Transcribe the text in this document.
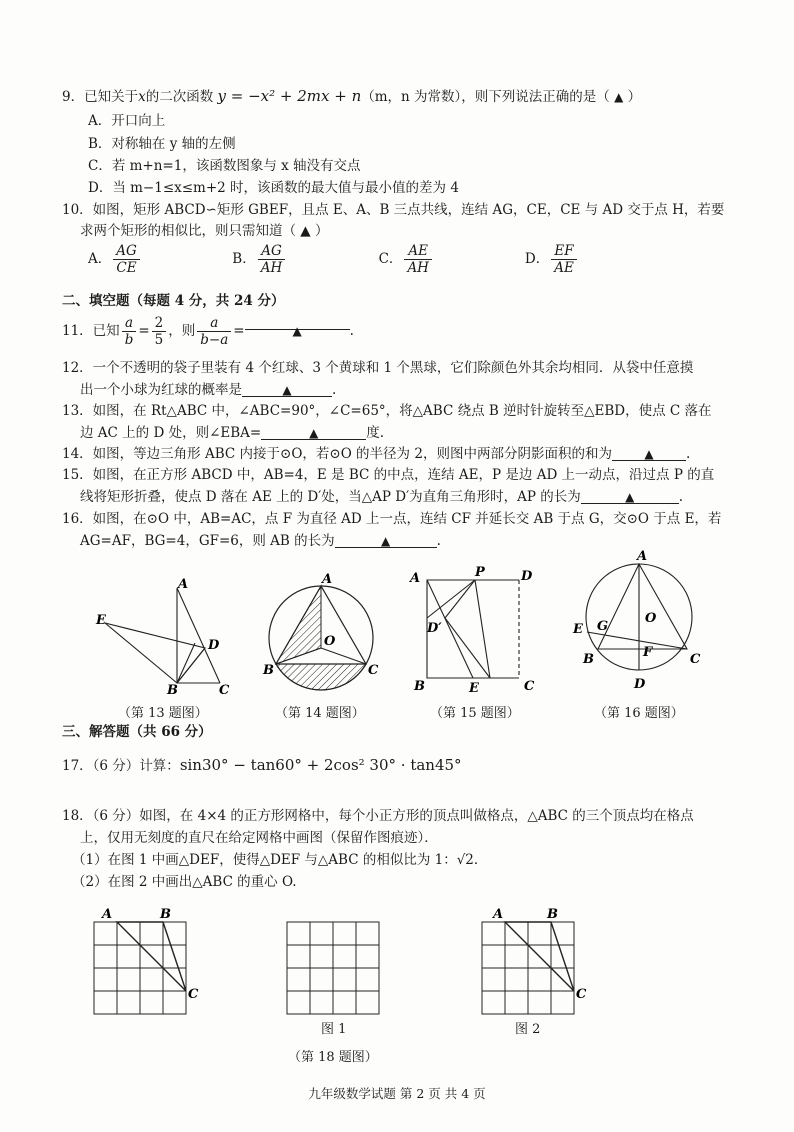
9．已知关于x的二次函数 y = −x² + 2mx + n（m，n 为常数），则下列说法正确的是（ ▲ ）
A．开口向上
B．对称轴在 y 轴的左侧
C．若 m+n=1，该函数图象与 x 轴没有交点
D．当 m−1≤x≤m+2 时，该函数的最大值与最小值的差为 4
10．如图，矩形 ABCD∽矩形 GBEF，且点 E、A、B 三点共线，连结 AG，CE，CE 与 AD 交于点 H，若要
求两个矩形的相似比，则只需知道（ ▲ ）
A． $\frac{AG}{CE}$	B． $\frac{AG}{AH}$	C． $\frac{AE}{AH}$	D． $\frac{EF}{AE}$
二、填空题（每题 4 分，共 24 分）
11．已知 $\frac{a}{b} = \frac{2}{5}$ ，则 $\frac{a}{b-a}$ =	▲	.
12．一个不透明的袋子里装有 4 个红球、3 个黄球和 1 个黑球，它们除颜色外其余均相同．从袋中任意摸
出一个小球为红球的概率是	▲	.
13．如图，在 Rt△ABC 中，∠ABC=90°，∠C=65°，将△ABC 绕点 B 逆时针旋转至△EBD，使点 C 落在
边 AC 上的 D 处，则∠EBA=	▲	度.
14．如图，等边三角形 ABC 内接于⊙O，若⊙O 的半径为 2，则图中两部分阴影面积的和为	▲ .
15．如图，在正方形 ABCD 中，AB=4，E 是 BC 的中点，连结 AE，P 是边 AD 上一动点，沿过点 P 的直
线将矩形折叠，使点 D 落在 AE 上的 D′处，当△AP D′为直角三角形时，AP 的长为	▲	.
16．如图，在⊙O 中，AB=AC，点 F 为直径 AD 上一点，连结 CF 并延长交 AB 于点 G，交⊙O 于点 E，若
AG=AF，BG=4，GF=6，则 AB 的长为	▲	.
A
E
D
B	C
A
O
B	C
A	P	D
D′
B	E	C
A
O
E G
B	F	C
D
（第 13 题图）	（第 14 题图）	（第 15 题图）	（第 16 题图）
三、解答题（共 66 分）
17．（6 分）计算：sin30° − tan60° + 2cos² 30° · tan45°
18．（6 分）如图，在 4×4 的正方形网格中，每个小正方形的顶点叫做格点，△ABC 的三个顶点均在格点
上，仅用无刻度的直尺在给定网格中画图（保留作图痕迹）．
（1）在图 1 中画△DEF，使得△DEF 与△ABC 的相似比为 1：√2．
（2）在图 2 中画出△ABC 的重心 O.
A	B
C
A	B
C
图 1	图 2
（第 18 题图）
九年级数学试题 第 2 页 共 4 页
